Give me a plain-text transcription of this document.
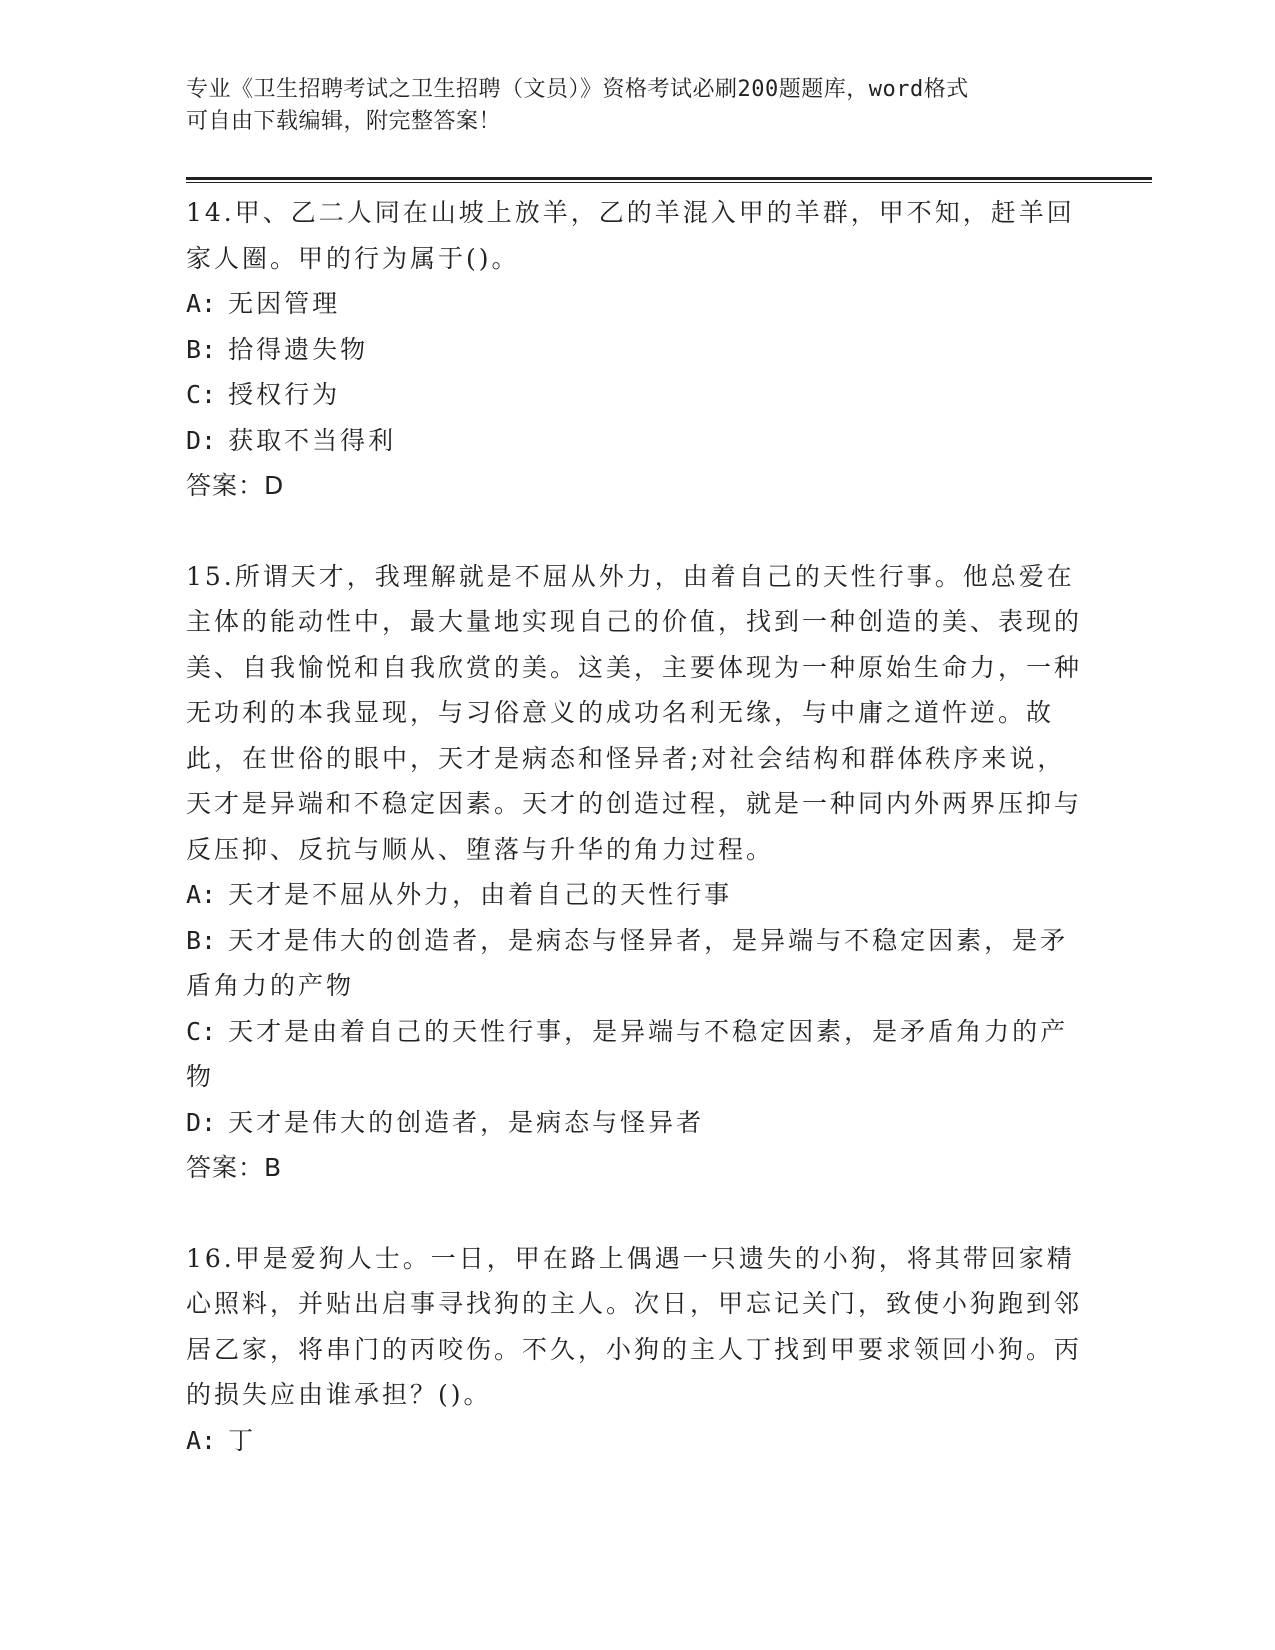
专业《卫生招聘考试之卫生招聘（文员）》资格考试必刷200题题库，word格式
可自由下载编辑，附完整答案！

14.甲、乙二人同在山坡上放羊，乙的羊混入甲的羊群，甲不知，赶羊回家人圈。甲的行为属于()。

A: 无因管理

B: 拾得遗失物

C: 授权行为

D: 获取不当得利

答案：D

15.所谓天才，我理解就是不屈从外力，由着自己的天性行事。他总爱在主体的能动性中，最大量地实现自己的价值，找到一种创造的美、表现的美、自我愉悦和自我欣赏的美。这美，主要体现为一种原始生命力，一种无功利的本我显现，与习俗意义的成功名利无缘，与中庸之道忤逆。故此，在世俗的眼中，天才是病态和怪异者;对社会结构和群体秩序来说，天才是异端和不稳定因素。天才的创造过程，就是一种同内外两界压抑与反压抑、反抗与顺从、堕落与升华的角力过程。

A: 天才是不屈从外力，由着自己的天性行事

B: 天才是伟大的创造者，是病态与怪异者，是异端与不稳定因素，是矛盾角力的产物

C: 天才是由着自己的天性行事，是异端与不稳定因素，是矛盾角力的产物

D: 天才是伟大的创造者，是病态与怪异者

答案：B

16.甲是爱狗人士。一日，甲在路上偶遇一只遗失的小狗，将其带回家精心照料，并贴出启事寻找狗的主人。次日，甲忘记关门，致使小狗跑到邻居乙家，将串门的丙咬伤。不久，小狗的主人丁找到甲要求领回小狗。丙的损失应由谁承担？()。

A: 丁
